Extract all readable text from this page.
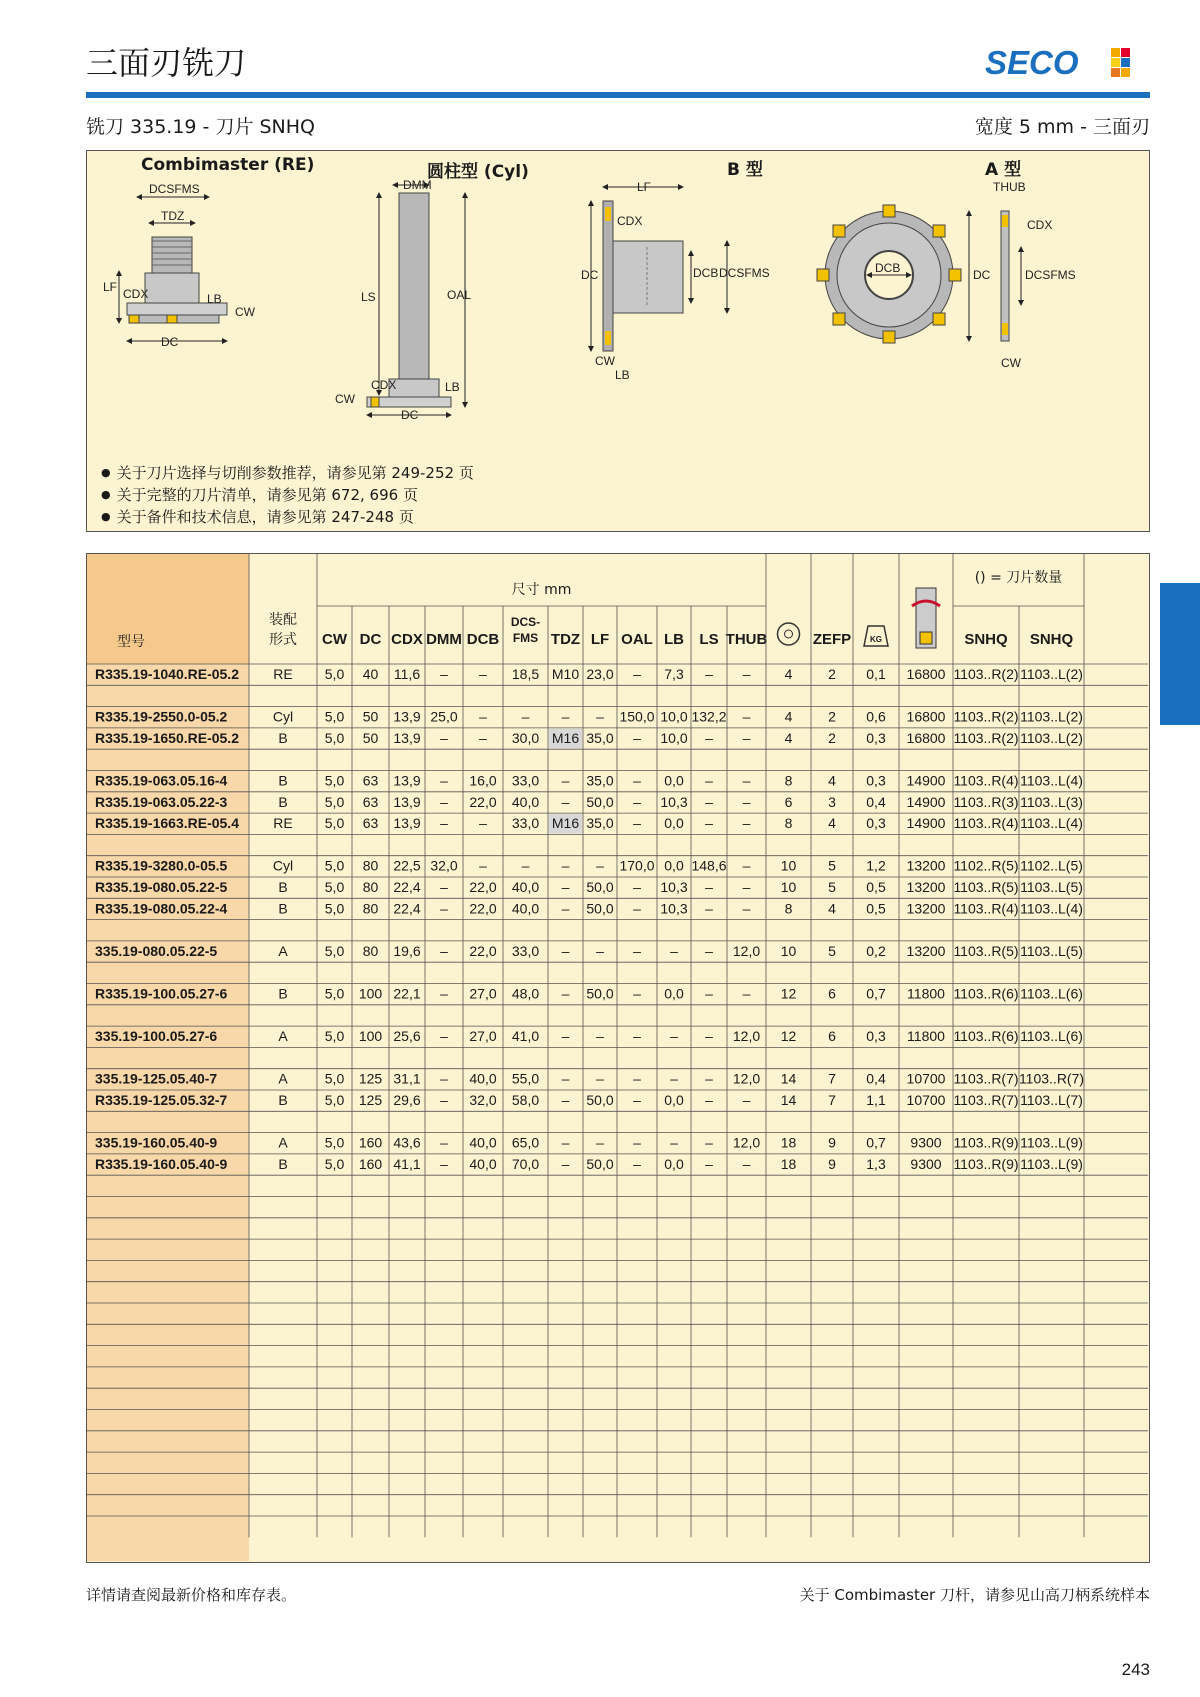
三面刃铣刀	SECO
铣刀 335.19 - 刀片 SNHQ	宽度 5 mm - 三面刃
Combimaster (RE)	圆柱型 (Cyl)	B 型	A 型
DCSFMS
TDZ
LF CDX	LB
CW
DC
DMM
LS	OAL
CDX	LB
CW
DC
LF
CDX
DC	DCB DCSFMS
CW
LB
DCB	DC
THUB
CDX
DCSFMS
CW
● 关于刀片选择与切削参数推荐，请参见第 249-252 页
● 关于完整的刀片清单，请参见第 672, 696 页
● 关于备件和技术信息，请参见第 247-248 页
型号
装配
形式
尺寸 mm
() = 刀片数量
CW DC CDX DMM DCB
DCS-
FMS TDZ LF OAL LB LS THUB	ZEFP KG	SNHQ SNHQ
R335.19-1040.RE-05.2 RE 5,0 40 11,6 – – 18,5 M10 23,0 – 7,3 – – 4	2 0,1 16800 1103..R(2) 1103..L(2)
R335.19-2550.0-05.2	Cyl 5,0 50 13,9 25,0 – – – – 150,0 10,0 132,2 – 4	2 0,6 16800 1103..R(2) 1103..L(2)
R335.19-1650.RE-05.2	B	5,0 50 13,9 – – 30,0 M16 35,0 – 10,0 – – 4	2 0,3 16800 1103..R(2) 1103..L(2)
R335.19-063.05.16-4	B	5,0 63 13,9 – 16,0 33,0 – 35,0 – 0,0 – – 8	4 0,3 14900 1103..R(4) 1103..L(4)
R335.19-063.05.22-3	B	5,0 63 13,9 – 22,0 40,0 – 50,0 – 10,3 – – 6	3 0,4 14900 1103..R(3) 1103..L(3)
R335.19-1663.RE-05.4 RE 5,0 63 13,9 – – 33,0 M16 35,0 – 0,0 – – 8	4 0,3 14900 1103..R(4) 1103..L(4)
R335.19-3280.0-05.5	Cyl 5,0 80 22,5 32,0 – – – – 170,0 0,0 148,6 – 10 5 1,2 13200 1102..R(5) 1102..L(5)
R335.19-080.05.22-5	B	5,0 80 22,4 – 22,0 40,0 – 50,0 – 10,3 – – 10 5 0,5 13200 1103..R(5) 1103..L(5)
R335.19-080.05.22-4	B	5,0 80 22,4 – 22,0 40,0 – 50,0 – 10,3 – – 8	4 0,5 13200 1103..R(4) 1103..L(4)
335.19-080.05.22-5	A	5,0 80 19,6 – 22,0 33,0 – – – – – 12,0 10 5 0,2 13200 1103..R(5) 1103..L(5)
R335.19-100.05.27-6	B	5,0 100 22,1 – 27,0 48,0 – 50,0 – 0,0 – – 12 6 0,7 11800 1103..R(6) 1103..L(6)
335.19-100.05.27-6	A	5,0 100 25,6 – 27,0 41,0 – – – – – 12,0 12 6 0,3 11800 1103..R(6) 1103..L(6)
335.19-125.05.40-7	A	5,0 125 31,1 – 40,0 55,0 – – – – – 12,0 14 7 0,4 10700 1103..R(7) 1103..R(7)
R335.19-125.05.32-7	B	5,0 125 29,6 – 32,0 58,0 – 50,0 – 0,0 – – 14 7 1,1 10700 1103..R(7) 1103..L(7)
335.19-160.05.40-9	A	5,0 160 43,6 – 40,0 65,0 – – – – – 12,0 18 9 0,7 9300 1103..R(9) 1103..L(9)
R335.19-160.05.40-9	B	5,0 160 41,1 – 40,0 70,0 – 50,0 – 0,0 – – 18 9 1,3 9300 1103..R(9) 1103..L(9)
详情请查阅最新价格和库存表。	关于 Combimaster 刀杆，请参见山高刀柄系统样本
243
